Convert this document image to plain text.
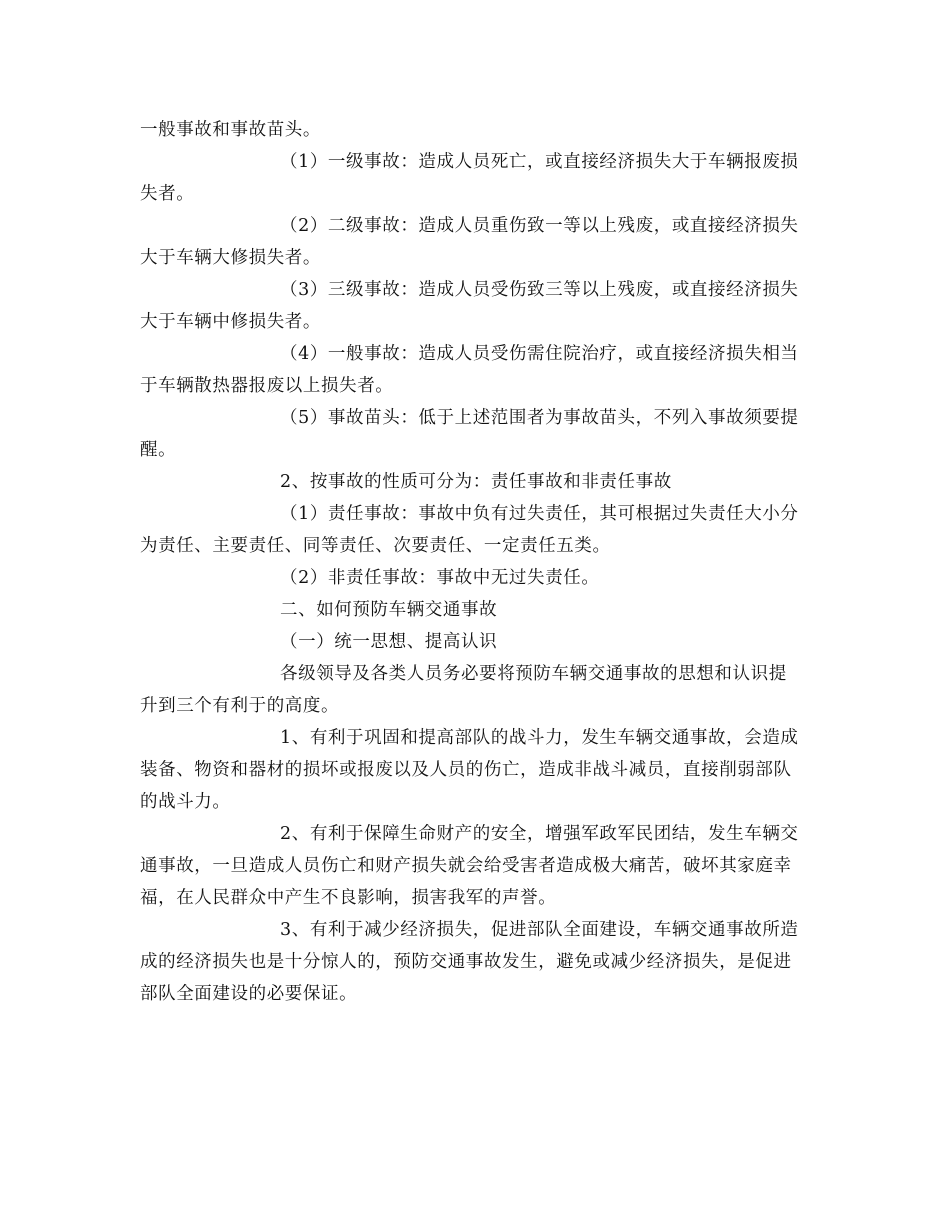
一般事故和事故苗头。
（1）一级事故：造成人员死亡，或直接经济损失大于车辆报废损
失者。
（2）二级事故：造成人员重伤致一等以上残废，或直接经济损失
大于车辆大修损失者。
（3）三级事故：造成人员受伤致三等以上残废，或直接经济损失
大于车辆中修损失者。
（4）一般事故：造成人员受伤需住院治疗，或直接经济损失相当
于车辆散热器报废以上损失者。
（5）事故苗头：低于上述范围者为事故苗头，不列入事故须要提
醒。
2、按事故的性质可分为：责任事故和非责任事故
（1）责任事故：事故中负有过失责任，其可根据过失责任大小分
为责任、主要责任、同等责任、次要责任、一定责任五类。
（2）非责任事故：事故中无过失责任。
二、如何预防车辆交通事故
（一）统一思想、提高认识
各级领导及各类人员务必要将预防车辆交通事故的思想和认识提
升到三个有利于的高度。
1、有利于巩固和提高部队的战斗力，发生车辆交通事故，会造成
装备、物资和器材的损坏或报废以及人员的伤亡，造成非战斗减员，直接削弱部队
的战斗力。
2、有利于保障生命财产的安全，增强军政军民团结，发生车辆交
通事故，一旦造成人员伤亡和财产损失就会给受害者造成极大痛苦，破坏其家庭幸
福，在人民群众中产生不良影响，损害我军的声誉。
3、有利于减少经济损失，促进部队全面建设，车辆交通事故所造
成的经济损失也是十分惊人的，预防交通事故发生，避免或减少经济损失，是促进
部队全面建设的必要保证。
